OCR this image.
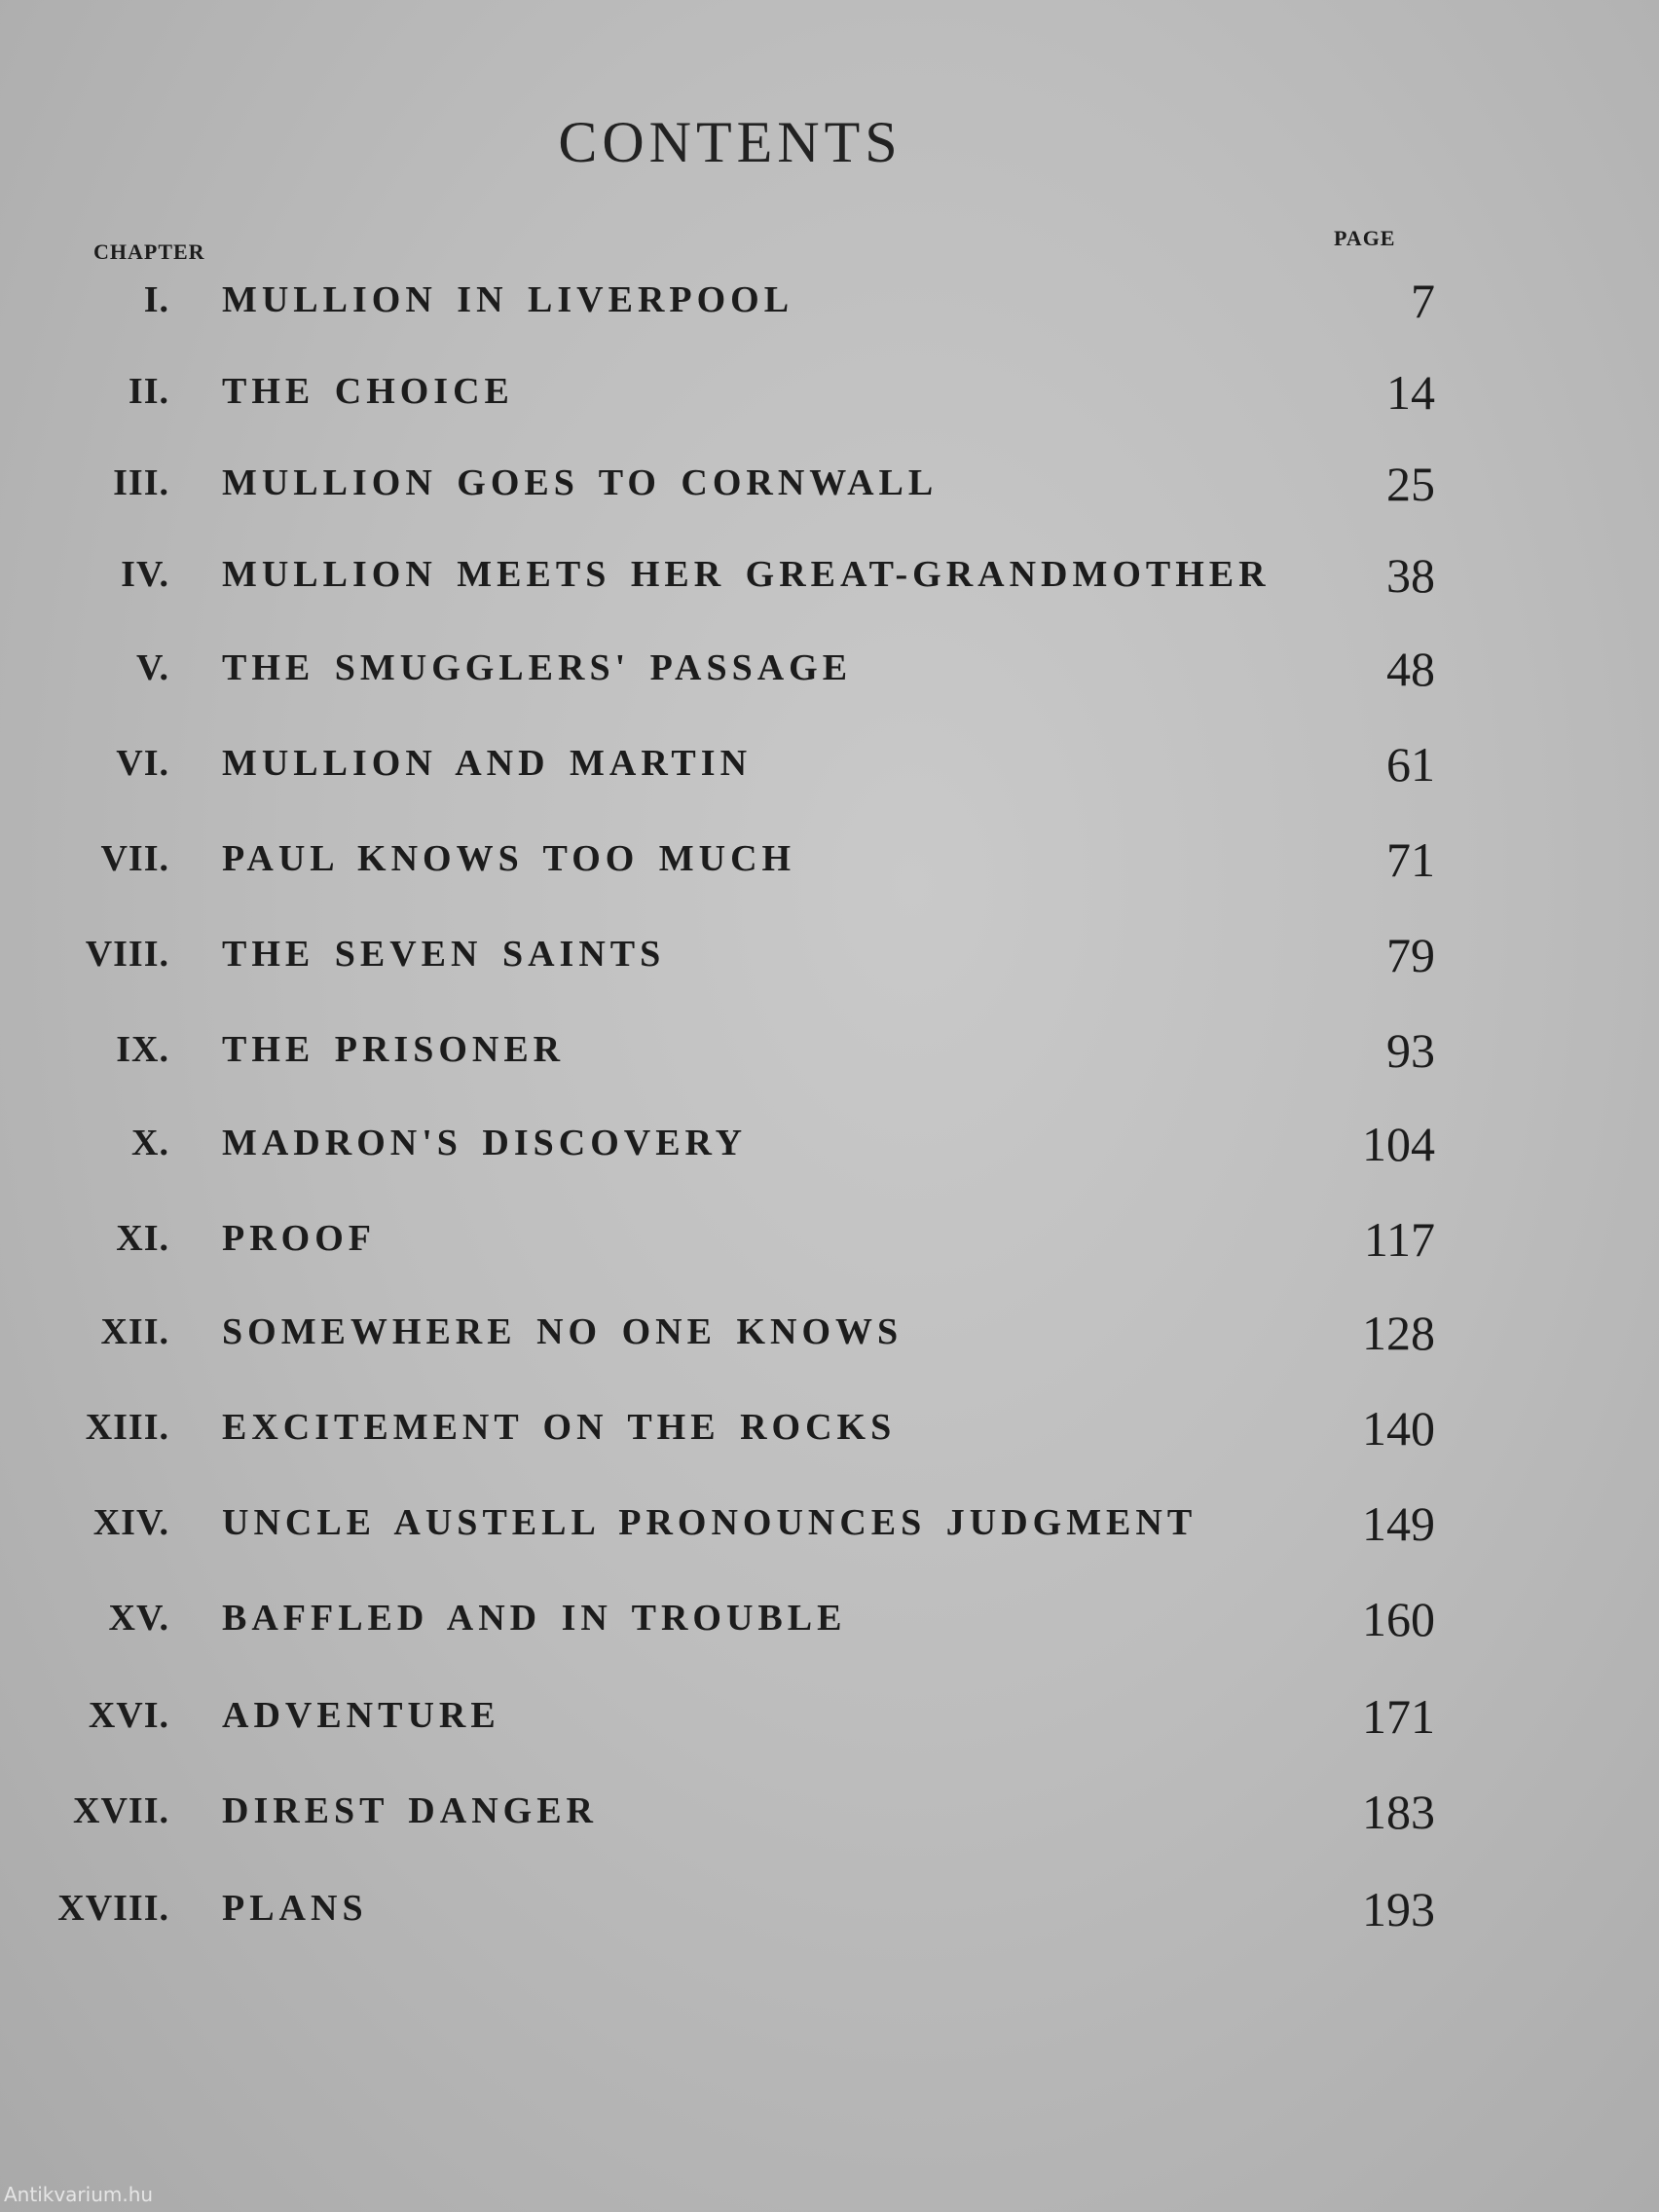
CONTENTS
CHAPTER
PAGE
I. MULLION IN LIVERPOOL	7
II. THE CHOICE	14
III. MULLION GOES TO CORNWALL	25
IV. MULLION MEETS HER GREAT-GRANDMOTHER 38
V. THE SMUGGLERS' PASSAGE	48
VI. MULLION AND MARTIN	61
VII. PAUL KNOWS TOO MUCH	71
VIII. THE SEVEN SAINTS	79
IX. THE PRISONER	93
X. MADRON'S DISCOVERY	104
XI. PROOF	117
XII. SOMEWHERE NO ONE KNOWS	128
XIII. EXCITEMENT ON THE ROCKS	140
XIV. UNCLE AUSTELL PRONOUNCES JUDGMENT	149
XV. BAFFLED AND IN TROUBLE	160
XVI. ADVENTURE	171
XVII. DIREST DANGER	183
XVIII. PLANS	193
Antikvarium.hu
